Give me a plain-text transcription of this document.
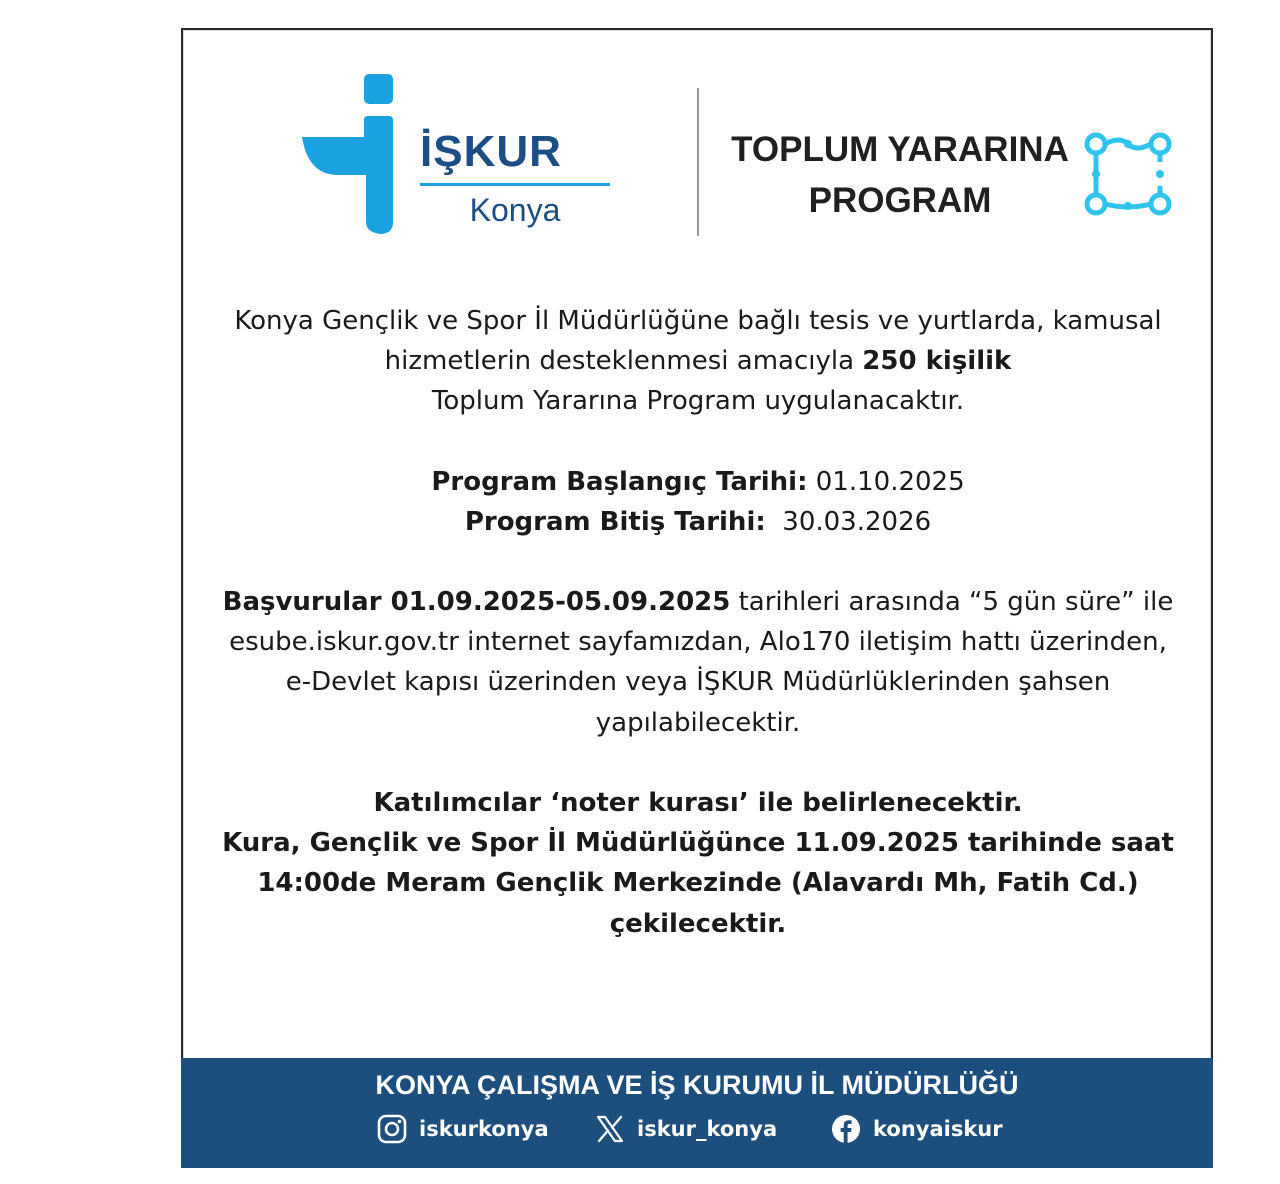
İŞKUR
Konya
TOPLUM YARARINA
PROGRAM
Konya Gençlik ve Spor İl Müdürlüğüne bağlı tesis ve yurtlarda, kamusal
hizmetlerin desteklenmesi amacıyla 250 kişilik
Toplum Yararına Program uygulanacaktır.
Program Başlangıç Tarihi: 01.10.2025
Program Bitiş Tarihi:  30.03.2026
Başvurular 01.09.2025-05.09.2025 tarihleri arasında “5 gün süre” ile
esube.iskur.gov.tr internet sayfamızdan, Alo170 iletişim hattı üzerinden,
e-Devlet kapısı üzerinden veya İŞKUR Müdürlüklerinden şahsen
yapılabilecektir.
Katılımcılar ‘noter kurası’ ile belirlenecektir.
Kura, Gençlik ve Spor İl Müdürlüğünce 11.09.2025 tarihinde saat
14:00de Meram Gençlik Merkezinde (Alavardı Mh, Fatih Cd.)
çekilecektir.
KONYA ÇALIŞMA VE İŞ KURUMU İL MÜDÜRLÜĞÜ
iskurkonya	iskur_konya	konyaiskur
